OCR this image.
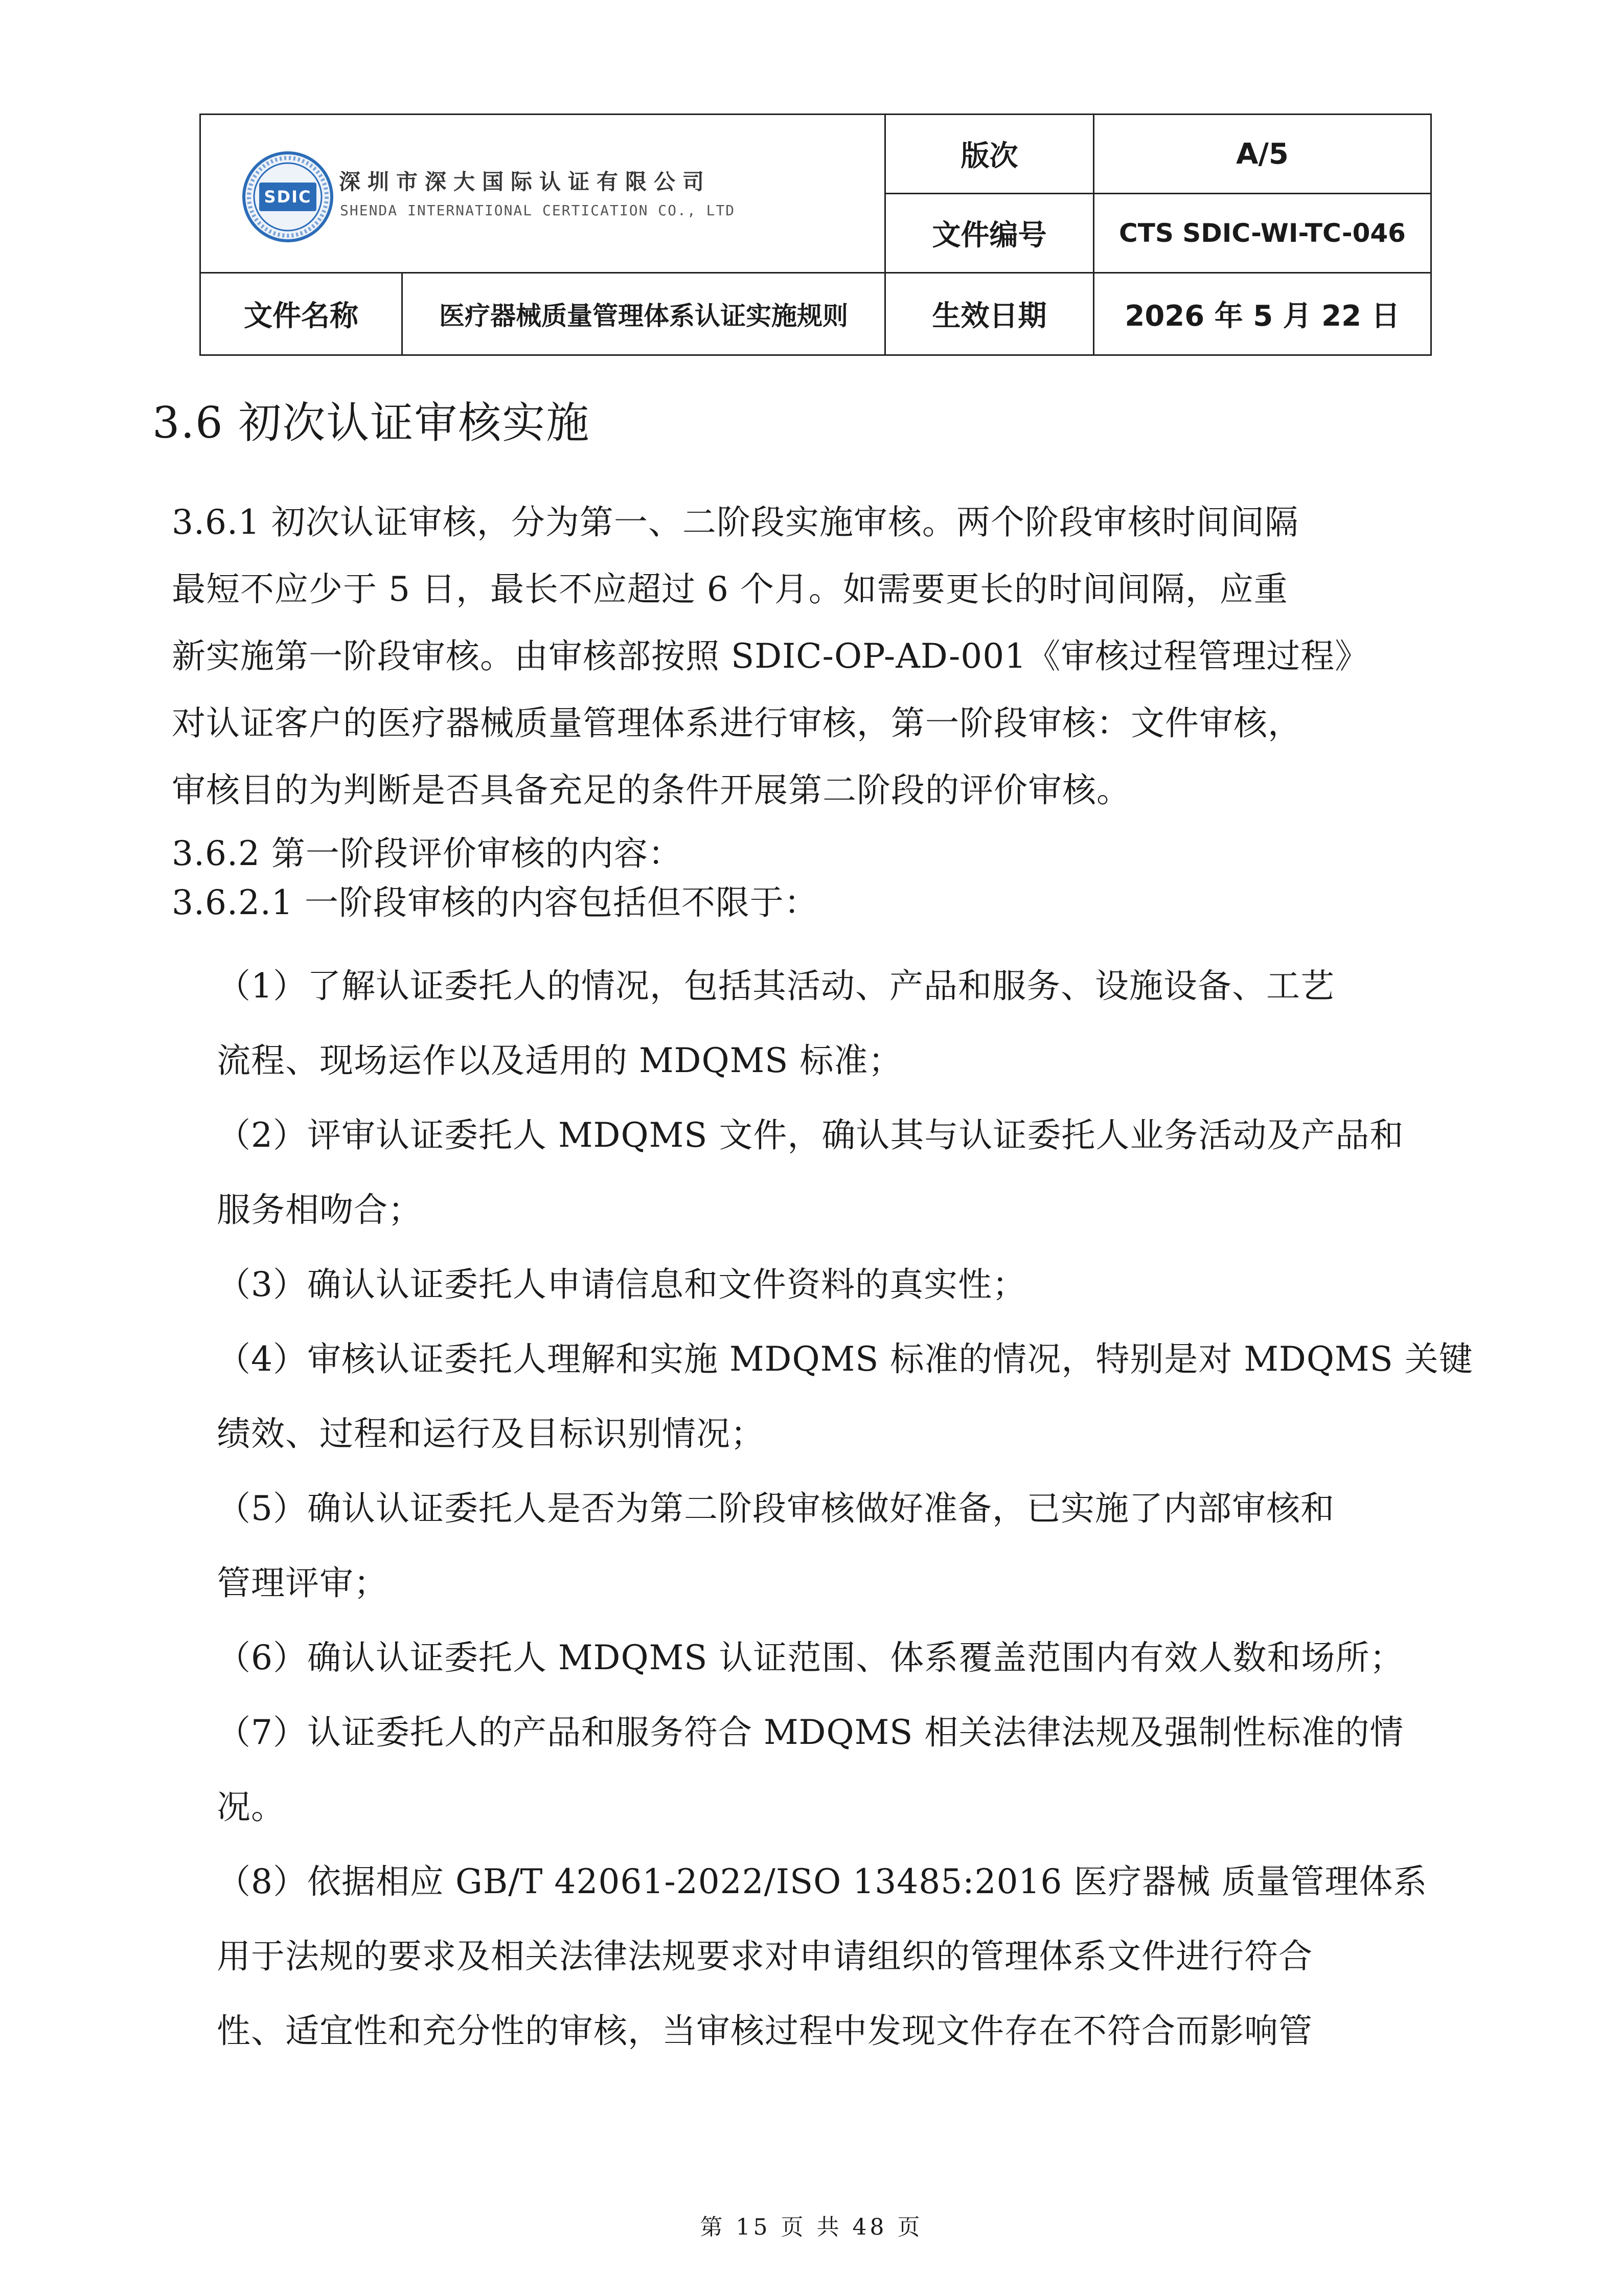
SDIC
深圳市深大国际认证有限公司
SHENDA INTERNATIONAL CERTICATION CO., LTD		版次	A/5
		文件编号	CTS SDIC-WI-TC-046
文件名称	医疗器械质量管理体系认证实施规则	生效日期	2026 年 5 月 22 日
3.6 初次认证审核实施
3.6.1 初次认证审核，分为第一、二阶段实施审核。两个阶段审核时间间隔
最短不应少于 5 日，最长不应超过 6 个月。如需要更长的时间间隔，应重
新实施第一阶段审核。由审核部按照 SDIC-OP-AD-001《审核过程管理过程》
对认证客户的医疗器械质量管理体系进行审核，第一阶段审核：文件审核，
审核目的为判断是否具备充足的条件开展第二阶段的评价审核。
3.6.2 第一阶段评价审核的内容：
3.6.2.1 一阶段审核的内容包括但不限于：
（1）了解认证委托人的情况，包括其活动、产品和服务、设施设备、工艺
流程、现场运作以及适用的 MDQMS 标准；
（2）评审认证委托人 MDQMS 文件，确认其与认证委托人业务活动及产品和
服务相吻合；
（3）确认认证委托人申请信息和文件资料的真实性；
（4）审核认证委托人理解和实施 MDQMS 标准的情况，特别是对 MDQMS 关键
绩效、过程和运行及目标识别情况；
（5）确认认证委托人是否为第二阶段审核做好准备，已实施了内部审核和
管理评审；
（6）确认认证委托人 MDQMS 认证范围、体系覆盖范围内有效人数和场所；
（7）认证委托人的产品和服务符合 MDQMS 相关法律法规及强制性标准的情
况。
（8）依据相应 GB/T 42061-2022/ISO 13485:2016 医疗器械 质量管理体系
用于法规的要求及相关法律法规要求对申请组织的管理体系文件进行符合
性、适宜性和充分性的审核，当审核过程中发现文件存在不符合而影响管
第 15 页 共 48 页
